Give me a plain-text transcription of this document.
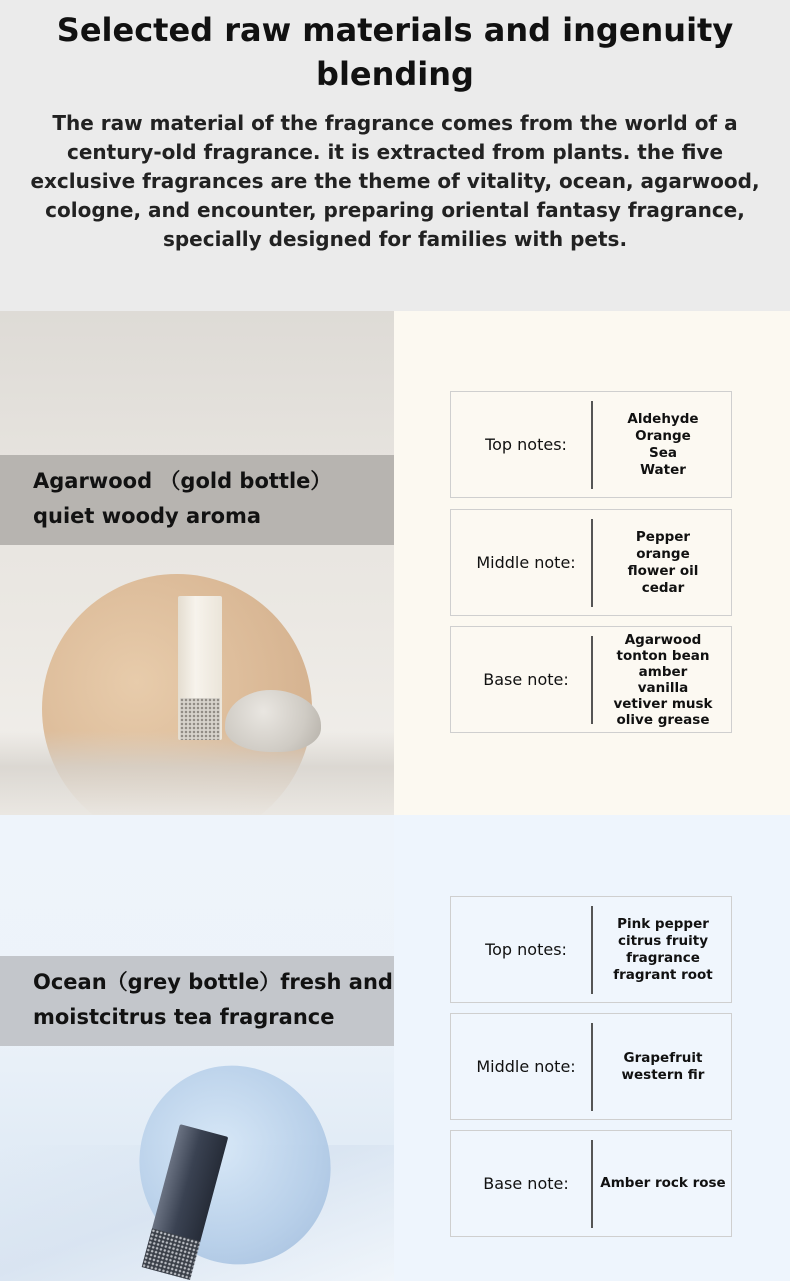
Selected raw materials and ingenuity blending

The raw material of the fragrance comes from the world of a century-old fragrance. it is extracted from plants. the five exclusive fragrances are the theme of vitality, ocean, agarwood, cologne, and encounter, preparing oriental fantasy fragrance, specially designed for families with pets.

Agarwood （gold bottle）
quiet woody aroma
Top notes:
Aldehyde
Orange
Sea
Water
Middle note:
Pepper
orange
flower oil
cedar
Base note:
Agarwood
tonton bean
amber
vanilla
vetiver musk
olive grease
Ocean（grey bottle）fresh and
moistcitrus tea fragrance
Top notes:
Pink pepper
citrus fruity
fragrance
fragrant root
Middle note:	Grapefruit
western fir
Base note:	Amber rock rose
